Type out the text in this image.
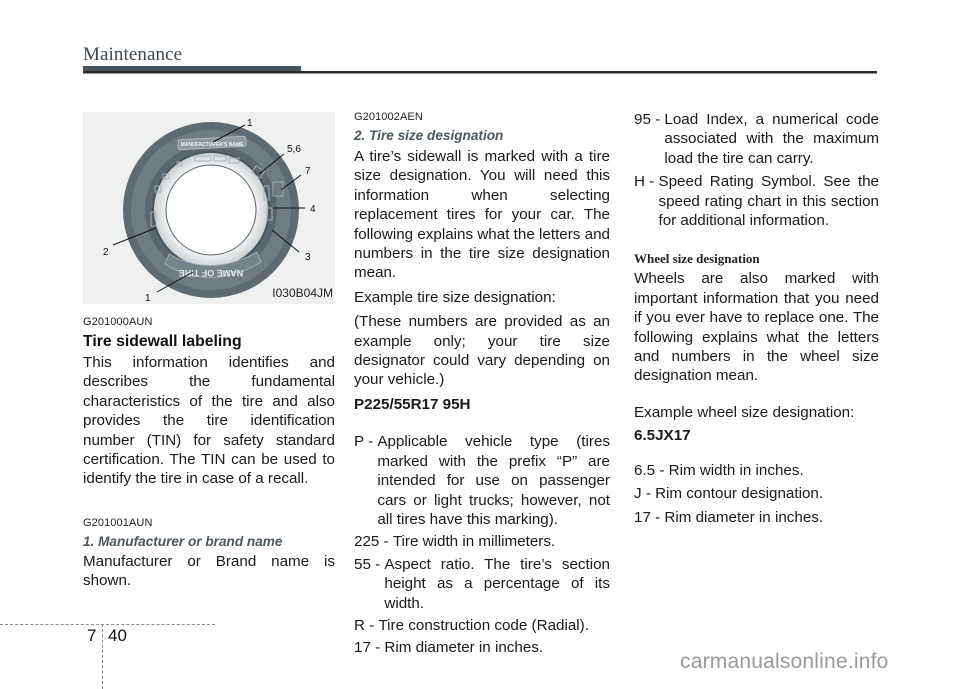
Maintenance
MANUFACTURER'S NAME
NAME OF TIRE
1
5,6
7
4
3
2
1	I030B04JM
G201000AUN
Tire sidewall labeling

This information identifies and describes the fundamental characteristics of the tire and also provides the tire identification number (TIN) for safety standard certification. The TIN can be used to identify the tire in case of a recall.

G201001AUN
1. Manufacturer or brand name

Manufacturer or Brand name is shown.

G201002AEN
2. Tire size designation

A tire’s sidewall is marked with a tire size designation. You will need this information when selecting replacement tires for your car. The following explains what the letters and numbers in the tire size designation mean.

Example tire size designation:

(These numbers are provided as an example only; your tire size designator could vary depending on your vehicle.)

P225/55R17 95H

P - Applicable vehicle type (tires marked with the prefix “P” are intended for use on passenger cars or light trucks; however, not all tires have this marking).
225 - Tire width in millimeters.
55 - Aspect ratio. The tire’s section height as a percentage of its width.
R - Tire construction code (Radial).
17 - Rim diameter in inches.
95 - Load Index, a numerical code associated with the maximum load the tire can carry.
H - Speed Rating Symbol. See the speed rating chart in this section for additional information.
Wheel size designation

Wheels are also marked with important information that you need if you ever have to replace one. The following explains what the letters and numbers in the wheel size designation mean.

Example wheel size designation:

6.5JX17

6.5 - Rim width in inches.

J - Rim contour designation.

17 - Rim diameter in inches.

7 40
carmanualsonline.info
